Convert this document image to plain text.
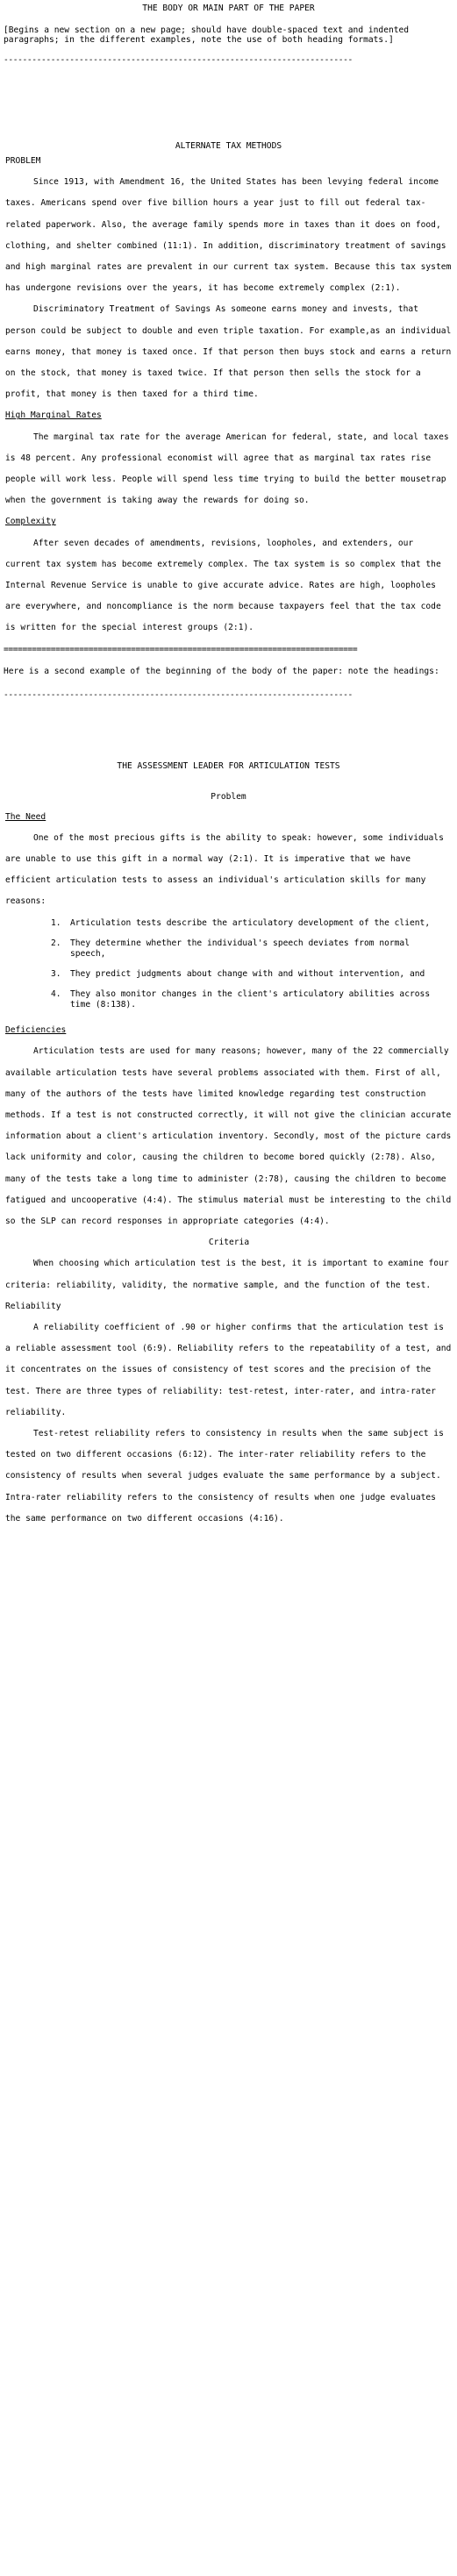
THE BODY OR MAIN PART OF THE PAPER
[Begins a new section on a new page; should have double-spaced text and indented paragraphs; in the different examples, note the use of both heading formats.]
--------------------------------------------------------------------------
ALTERNATE TAX METHODS
PROBLEM

Since 1913, with Amendment 16, the United States has been levying federal income taxes. Americans spend over five billion hours a year just to fill out federal tax-related paperwork. Also, the average family spends more in taxes than it does on food, clothing, and shelter combined (11:1). In addition, discriminatory treatment of savings and high marginal rates are prevalent in our current tax system. Because this tax system has undergone revisions over the years, it has become extremely complex (2:1).

Discriminatory Treatment of Savings As someone earns money and invests, that person could be subject to double and even triple taxation. For example,as an individual earns money, that money is taxed once. If that person then buys stock and earns a return on the stock, that money is taxed twice. If that person then sells the stock for a profit, that money is then taxed for a third time.

High Marginal Rates

The marginal tax rate for the average American for federal, state, and local taxes is 48 percent. Any professional economist will agree that as marginal tax rates rise people will work less. People will spend less time trying to build the better mousetrap when the government is taking away the rewards for doing so.

Complexity

After seven decades of amendments, revisions, loopholes, and extenders, our current tax system has become extremely complex. The tax system is so complex that the Internal Revenue Service is unable to give accurate advice. Rates are high, loopholes are everywhere, and noncompliance is the norm because taxpayers feel that the tax code is written for the special interest groups (2:1).

===========================================================================
Here is a second example of the beginning of the body of the paper: note the headings:
--------------------------------------------------------------------------
THE ASSESSMENT LEADER FOR ARTICULATION TESTS
Problem
The Need

One of the most precious gifts is the ability to speak: however, some individuals are unable to use this gift in a normal way (2:1). It is imperative that we have efficient articulation tests to assess an individual's articulation skills for many reasons:

1. Articulation tests describe the articulatory development of the client,
2. They determine whether the individual's speech deviates from normal speech,
3. They predict judgments about change with and without intervention, and
4. They also monitor changes in the client's articulatory abilities across time (8:138).
Deficiencies

Articulation tests are used for many reasons; however, many of the 22 commercially available articulation tests have several problems associated with them. First of all, many of the authors of the tests have limited knowledge regarding test construction methods. If a test is not constructed correctly, it will not give the clinician accurate information about a client's articulation inventory. Secondly, most of the picture cards lack uniformity and color, causing the children to become bored quickly (2:78). Also, many of the tests take a long time to administer (2:78), causing the children to become fatigued and uncooperative (4:4). The stimulus material must be interesting to the child so the SLP can record responses in appropriate categories (4:4).

Criteria

When choosing which articulation test is the best, it is important to examine four criteria: reliability, validity, the normative sample, and the function of the test.

Reliability

A reliability coefficient of .90 or higher confirms that the articulation test is a reliable assessment tool (6:9). Reliability refers to the repeatability of a test, and it concentrates on the issues of consistency of test scores and the precision of the test. There are three types of reliability: test-retest, inter-rater, and intra-rater reliability.

Test-retest reliability refers to consistency in results when the same subject is tested on two different occasions (6:12). The inter-rater reliability refers to the consistency of results when several judges evaluate the same performance by a subject. Intra-rater reliability refers to the consistency of results when one judge evaluates the same performance on two different occasions (4:16).
